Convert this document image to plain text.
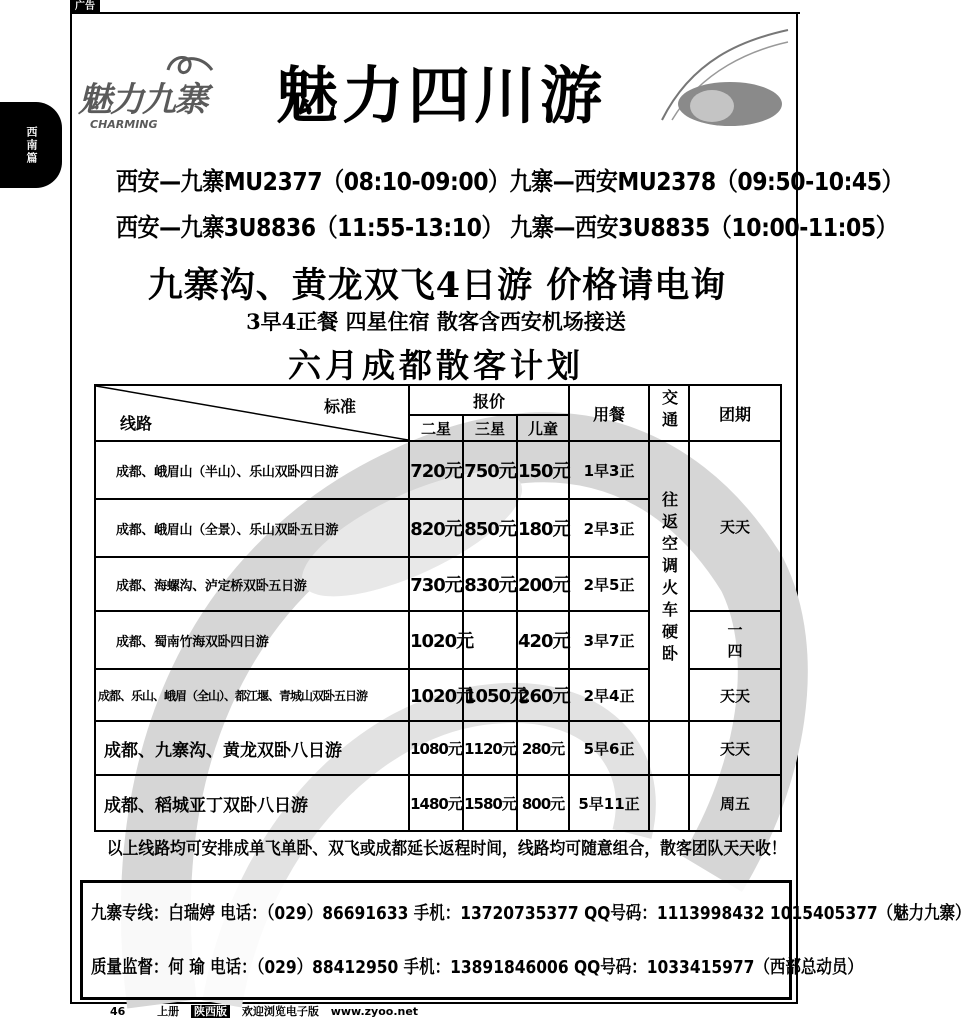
广告
西南篇
魅力九寨
CHARMING 魅力四川游
西安—九寨MU2377（08:10-09:00）九寨—西安MU2378（09:50-10:45）
西安—九寨3U8836（11:55-13:10） 九寨—西安3U8835（10:00-11:05）
九寨沟、黄龙双飞4日游 价格请电询
3早4正餐 四星住宿 散客含西安机场接送
六月成都散客计划
标准
线路	报价			用餐	交通	团期
	二星	三星	儿童			
成都、峨眉山（半山）、乐山双卧四日游	720元	750元	150元	1早3正	往返空调火车硬卧	天天
成都、峨眉山（全景）、乐山双卧五日游	820元	850元	180元	2早3正		
成都、海螺沟、泸定桥双卧五日游	730元	830元	200元	2早5正		
成都、蜀南竹海双卧四日游	1020元		420元	3早7正		一
四

成都、乐山、峨眉（全山）、都江堰、青城山双卧五日游	1020元	1050元	260元	2早4正		天天
成都、九寨沟、黄龙双卧八日游	1080元	1120元	280元	5早6正		天天
成都、稻城亚丁双卧八日游	1480元	1580元	800元	5早11正		周五
以上线路均可安排成单飞单卧、双飞或成都延长返程时间，线路均可随意组合，散客团队天天收！
九寨专线：白瑞婷 电话：（029）86691633 手机：13720735377 QQ号码：1113998432 1015405377（魅力九寨）
质量监督：何 瑜 电话：（029）88412950 手机：13891846006 QQ号码：1033415977（西部总动员）
46	上册 陕西版 欢迎浏览电子版 www.zyoo.net
